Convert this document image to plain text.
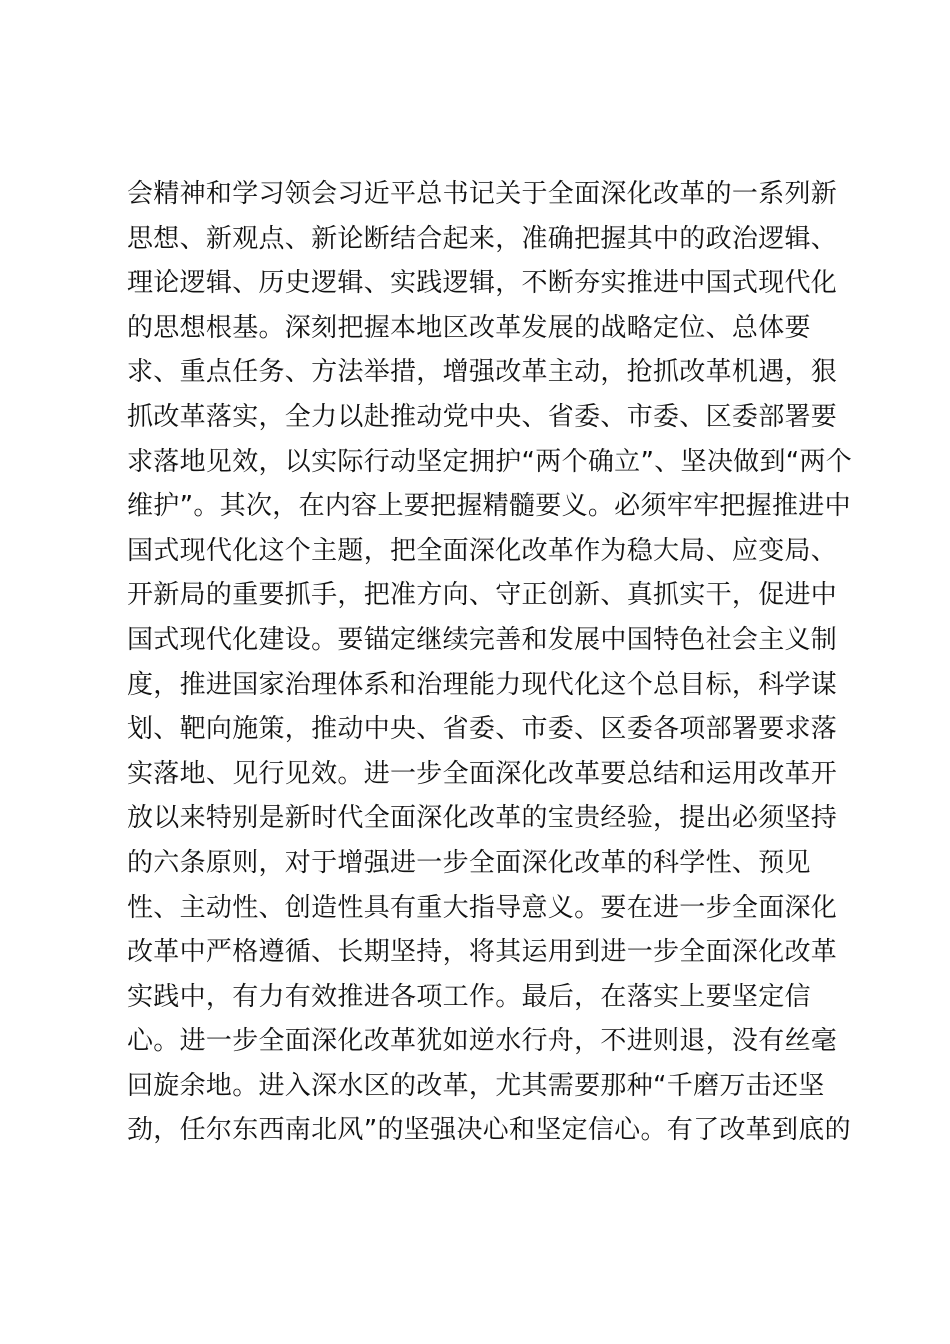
会精神和学习领会习近平总书记关于全面深化改革的一系列新
思想、新观点、新论断结合起来，准确把握其中的政治逻辑、
理论逻辑、历史逻辑、实践逻辑，不断夯实推进中国式现代化
的思想根基。深刻把握本地区改革发展的战略定位、总体要
求、重点任务、方法举措，增强改革主动，抢抓改革机遇，狠
抓改革落实，全力以赴推动党中央、省委、市委、区委部署要
求落地见效，以实际行动坚定拥护“两个确立”、坚决做到“两个
维护”。其次，在内容上要把握精髓要义。必须牢牢把握推进中
国式现代化这个主题，把全面深化改革作为稳大局、应变局、
开新局的重要抓手，把准方向、守正创新、真抓实干，促进中
国式现代化建设。要锚定继续完善和发展中国特色社会主义制
度，推进国家治理体系和治理能力现代化这个总目标，科学谋
划、靶向施策，推动中央、省委、市委、区委各项部署要求落
实落地、见行见效。进一步全面深化改革要总结和运用改革开
放以来特别是新时代全面深化改革的宝贵经验，提出必须坚持
的六条原则，对于增强进一步全面深化改革的科学性、预见
性、主动性、创造性具有重大指导意义。要在进一步全面深化
改革中严格遵循、长期坚持，将其运用到进一步全面深化改革
实践中，有力有效推进各项工作。最后，在落实上要坚定信
心。进一步全面深化改革犹如逆水行舟，不进则退，没有丝毫
回旋余地。进入深水区的改革，尤其需要那种“千磨万击还坚
劲，任尔东西南北风”的坚强决心和坚定信心。有了改革到底的
